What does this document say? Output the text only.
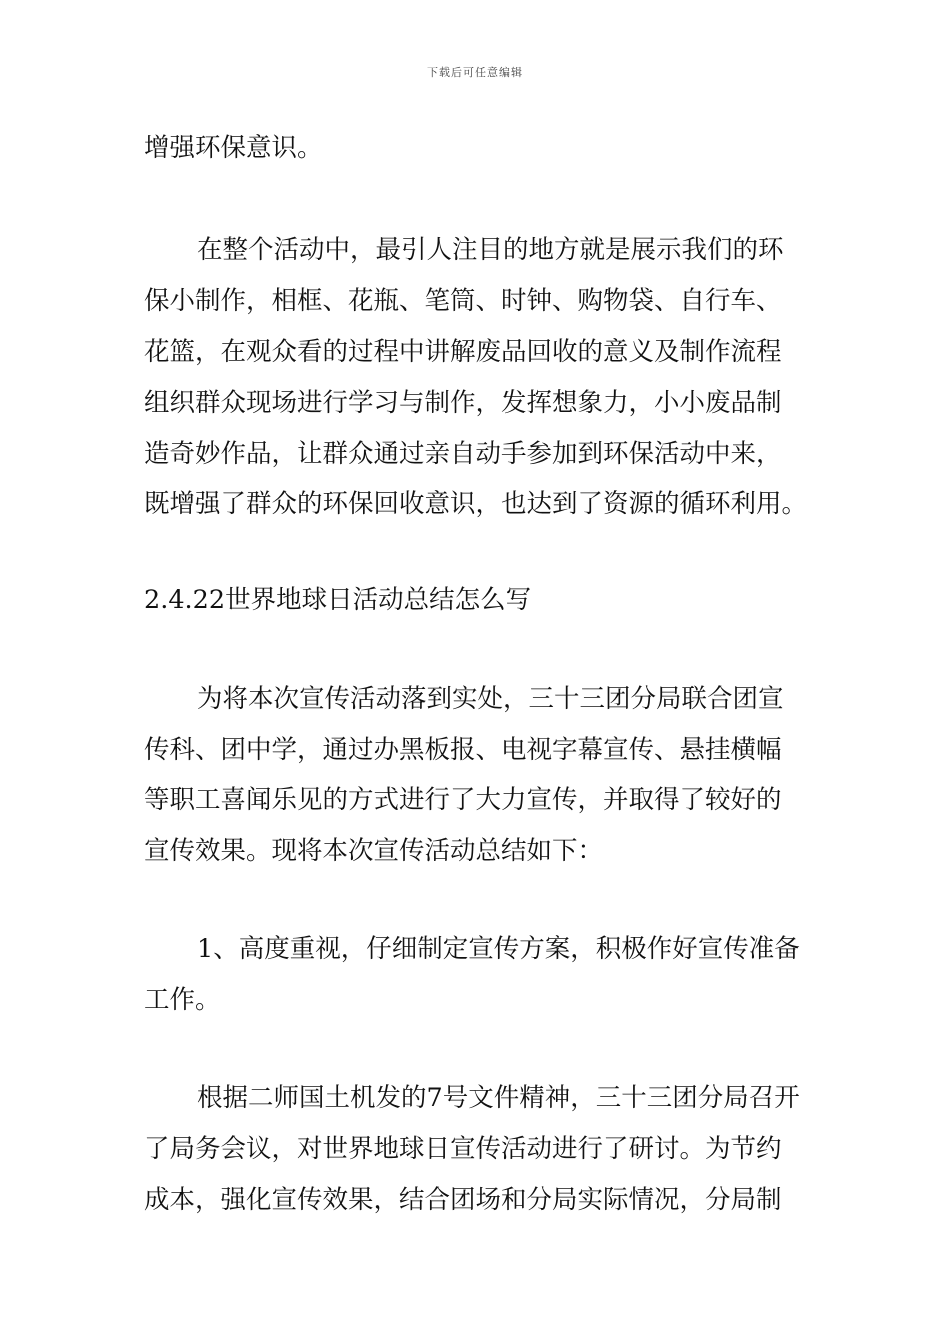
下载后可任意编辑
增强环保意识。
在整个活动中，最引人注目的地方就是展示我们的环
保小制作，相框、花瓶、笔筒、时钟、购物袋、自行车、
花篮，在观众看的过程中讲解废品回收的意义及制作流程
组织群众现场进行学习与制作，发挥想象力，小小废品制
造奇妙作品，让群众通过亲自动手参加到环保活动中来，
既增强了群众的环保回收意识，也达到了资源的循环利用。
2.4.22世界地球日活动总结怎么写
为将本次宣传活动落到实处，三十三团分局联合团宣
传科、团中学，通过办黑板报、电视字幕宣传、悬挂横幅
等职工喜闻乐见的方式进行了大力宣传，并取得了较好的
宣传效果。现将本次宣传活动总结如下：
1、高度重视，仔细制定宣传方案，积极作好宣传准备
工作。
根据二师国土机发的7号文件精神，三十三团分局召开
了局务会议，对世界地球日宣传活动进行了研讨。为节约
成本，强化宣传效果，结合团场和分局实际情况，分局制
